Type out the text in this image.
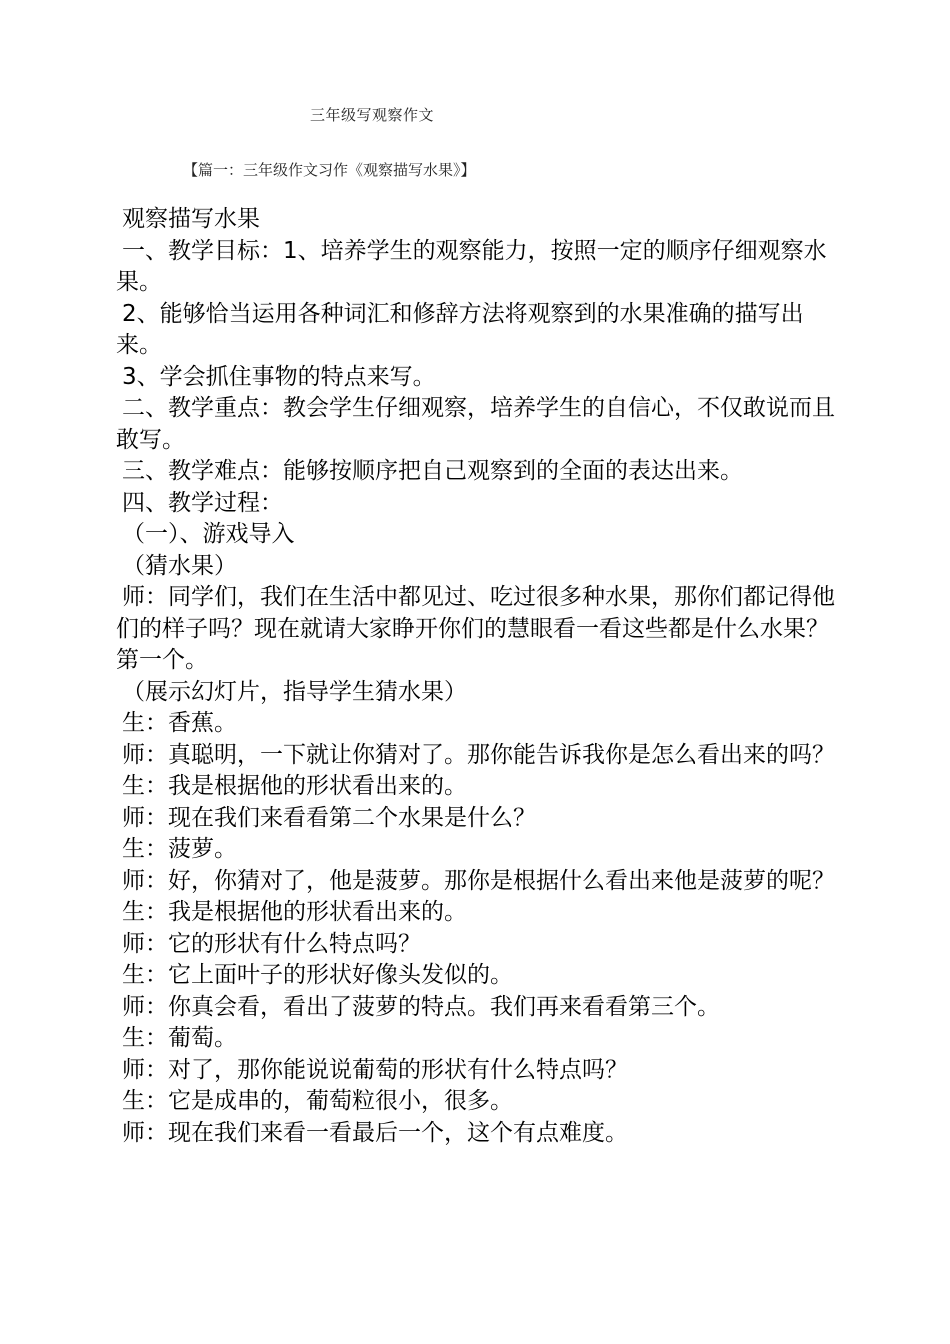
三年级写观察作文
【篇一：三年级作文习作《观察描写水果》】

观察描写水果

一、教学目标：1、培养学生的观察能力，按照一定的顺序仔细观察水果。

2、能够恰当运用各种词汇和修辞方法将观察到的水果准确的描写出来。

3、学会抓住事物的特点来写。

二、教学重点：教会学生仔细观察，培养学生的自信心，不仅敢说而且敢写。

三、教学难点：能够按顺序把自己观察到的全面的表达出来。

四、教学过程：

（一）、游戏导入

（猜水果）

师：同学们，我们在生活中都见过、吃过很多种水果，那你们都记得他们的样子吗？现在就请大家睁开你们的慧眼看一看这些都是什么水果？第一个。

（展示幻灯片，指导学生猜水果）

生：香蕉。

师：真聪明，一下就让你猜对了。那你能告诉我你是怎么看出来的吗？

生：我是根据他的形状看出来的。

师：现在我们来看看第二个水果是什么？

生：菠萝。

师：好，你猜对了，他是菠萝。那你是根据什么看出来他是菠萝的呢？

生：我是根据他的形状看出来的。

师：它的形状有什么特点吗？

生：它上面叶子的形状好像头发似的。

师：你真会看，看出了菠萝的特点。我们再来看看第三个。

生：葡萄。

师：对了，那你能说说葡萄的形状有什么特点吗？

生：它是成串的，葡萄粒很小，很多。

师：现在我们来看一看最后一个，这个有点难度。
